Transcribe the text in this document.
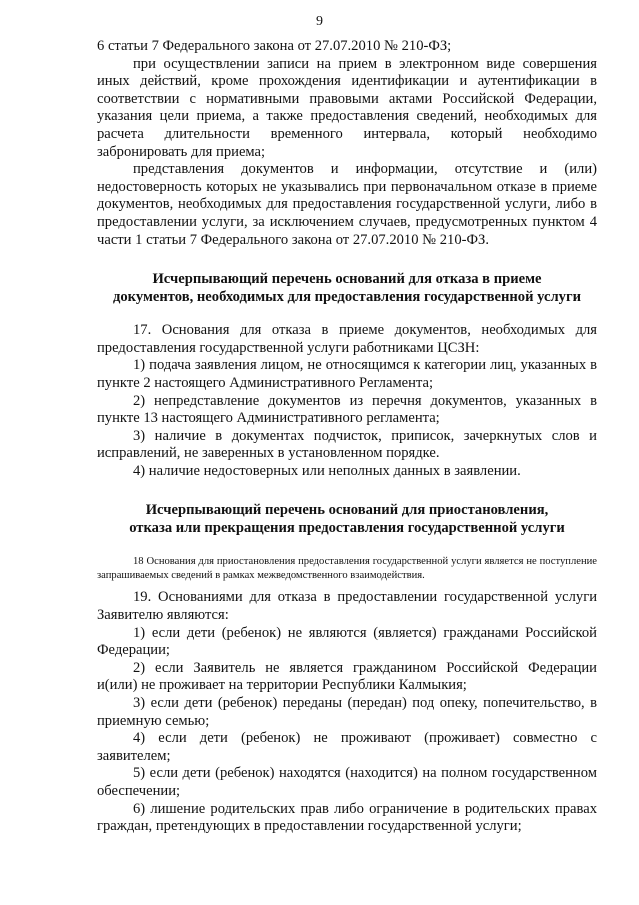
9

6 статьи 7 Федерального закона от 27.07.2010 № 210-ФЗ;

при осуществлении записи на прием в электронном виде совершения иных действий, кроме прохождения идентификации и аутентификации в соответствии с нормативными правовыми актами Российской Федерации, указания цели приема, а также предоставления сведений, необходимых для расчета длительности временного интервала, который необходимо забронировать для приема;

представления документов и информации, отсутствие и (или) недостоверность которых не указывались при первоначальном отказе в приеме документов, необходимых для предоставления государственной услуги, либо в предоставлении услуги, за исключением случаев, предусмотренных пунктом 4 части 1 статьи 7 Федерального закона от 27.07.2010 № 210-ФЗ.

Исчерпывающий перечень оснований для отказа в приеме
документов, необходимых для предоставления государственной услуги

17. Основания для отказа в приеме документов, необходимых для предоставления государственной услуги работниками ЦСЗН:

1) подача заявления лицом, не относящимся к категории лиц, указанных в пункте 2 настоящего Административного Регламента;

2) непредставление документов из перечня документов, указанных в пункте 13 настоящего Административного регламента;

3) наличие в документах подчисток, приписок, зачеркнутых слов и исправлений, не заверенных в установленном порядке.

4) наличие недостоверных или неполных данных в заявлении.

Исчерпывающий перечень оснований для приостановления,
отказа или прекращения предоставления государственной услуги

18 Основания для приостановления предоставления государственной услуги является не поступление запрашиваемых сведений в рамках межведомственного взаимодействия.

19. Основаниями для отказа в предоставлении государственной услуги Заявителю являются:

1) если дети (ребенок) не являются (является) гражданами Российской Федерации;

2) если Заявитель не является гражданином Российской Федерации и(или) не проживает на территории Республики Калмыкия;

3) если дети (ребенок) переданы (передан) под опеку, попечительство, в приемную семью;

4) если дети (ребенок) не проживают (проживает) совместно с заявителем;

5) если дети (ребенок) находятся (находится) на полном государственном обеспечении;

6) лишение родительских прав либо ограничение в родительских правах граждан, претендующих в предоставлении государственной услуги;
